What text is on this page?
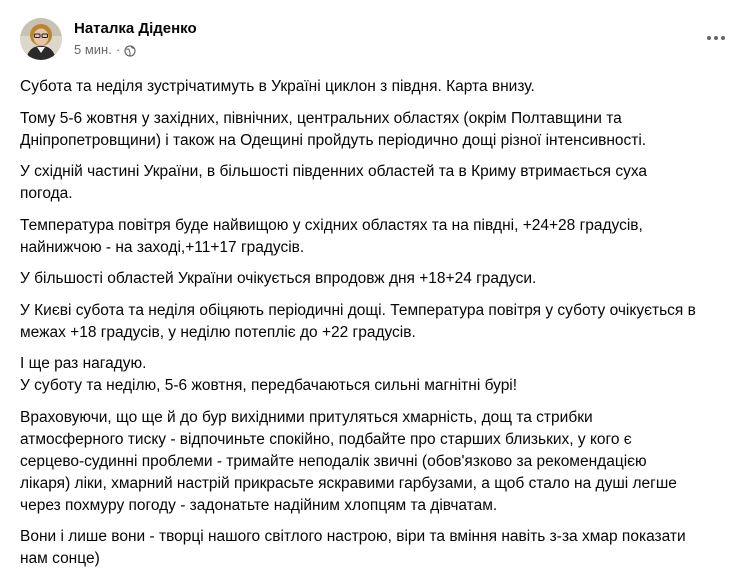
Наталка Діденко
5 мин. ·

Субота та неділя зустрічатимуть в Україні циклон з півдня. Карта внизу.

Тому 5-6 жовтня у західних, північних, центральних областях (окрім Полтавщини та
Дніпропетровщини) і також на Одещині пройдуть періодично дощі різної інтенсивності.

У східній частині України, в більшості південних областей та в Криму втримається суха
погода.

Температура повітря буде найвищою у східних областях та на півдні, +24+28 градусів,
найнижчою - на заході,+11+17 градусів.

У більшості областей України очікується впродовж дня +18+24 градуси.

У Києві субота та неділя обіцяють періодичні дощі. Температура повітря у суботу очікується в
межах +18 градусів, у неділю потепліє до +22 градусів.

І ще раз нагадую.
У суботу та неділю, 5-6 жовтня, передбачаються сильні магнітні бурі!

Враховуючи, що ще й до бур вихідними притуляться хмарність, дощ та стрибки
атмосферного тиску - відпочиньте спокійно, подбайте про старших близьких, у кого є
серцево-судинні проблеми - тримайте неподалік звичні (обов'язково за рекомендацією
лікаря) ліки, хмарний настрій прикрасьте яскравими гарбузами, а щоб стало на душі легше
через похмуру погоду - задонатьте надійним хлопцям та дівчатам.

Вони і лише вони - творці нашого світлого настрою, віри та вміння навіть з-за хмар показати
нам сонце)
